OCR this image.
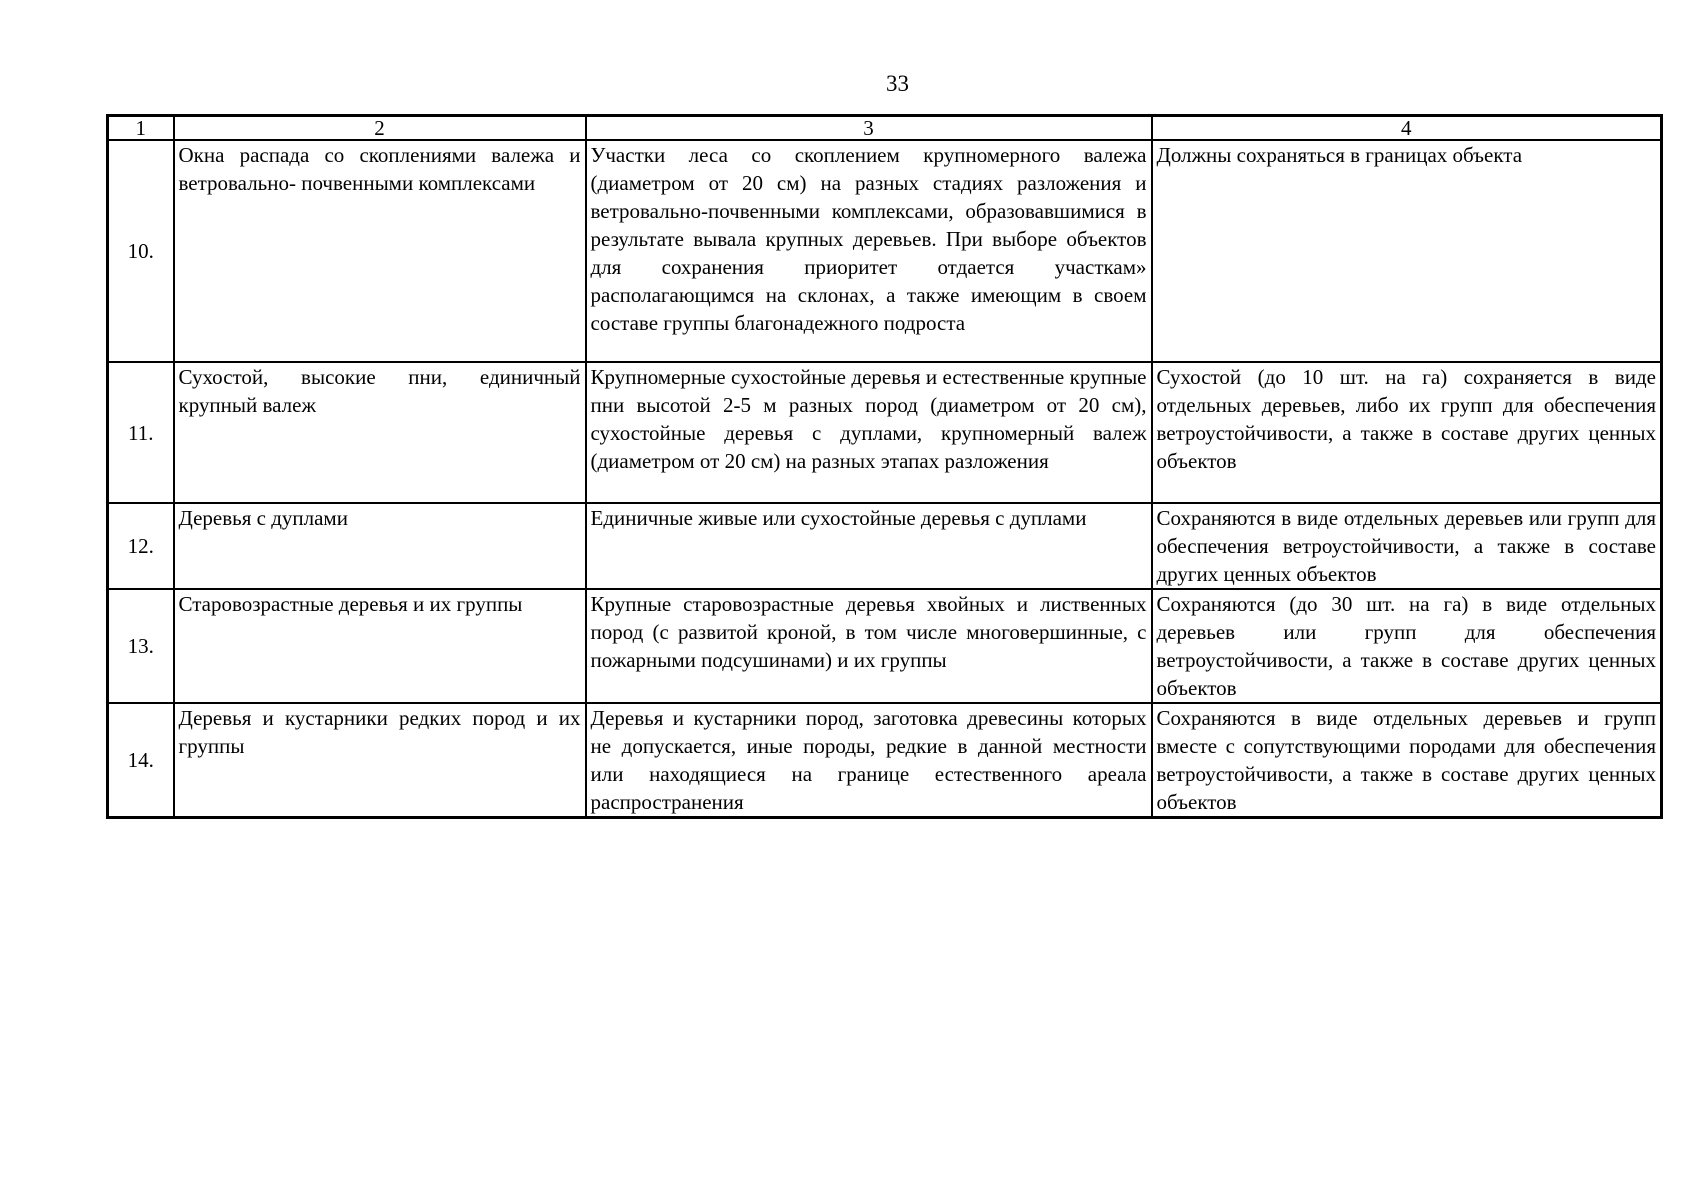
33
1	2	3	4
10.	Окна распада со скоплениями валежа и ветровально- почвенными комплексами	Участки леса со скоплением крупномерного валежа (диаметром от 20 см) на разных стадиях разложения и ветровально-почвенными комплексами, образовавшимися в результате вывала крупных деревьев. При выборе объектов для сохранения приоритет отдается участкам» располагающимся на склонах, а также имеющим в своем составе группы благонадежного подроста	Должны сохраняться в границах объекта
11.	Сухостой, высокие пни, единичный крупный валеж	Крупномерные сухостойные деревья и естественные крупные пни высотой 2-5 м разных пород (диаметром от 20 см), сухостойные деревья с дуплами, крупномерный валеж (диаметром от 20 см) на разных этапах разложения	Сухостой (до 10 шт. на га) сохраняется в виде отдельных деревьев, либо их групп для обеспечения ветроустойчивости, а также в составе других ценных объектов
12.	Деревья с дуплами	Единичные живые или сухостойные деревья с дуплами	Сохраняются в виде отдельных деревьев или групп для обеспечения ветроустойчивости, а также в составе других ценных объектов
13.	Старовозрастные деревья и их группы	Крупные старовозрастные деревья хвойных и лиственных пород (с развитой кроной, в том числе многовершинные, с пожарными подсушинами) и их группы	Сохраняются (до 30 шт. на га) в виде отдельных деревьев или групп для обеспечения ветроустойчивости, а также в составе других ценных объектов
14.	Деревья и кустарники редких пород и их группы	Деревья и кустарники пород, заготовка древесины которых не допускается, иные породы, редкие в данной местности или находящиеся на границе естественного ареала распространения	Сохраняются в виде отдельных деревьев и групп вместе с сопутствующими породами для обеспечения ветроустойчивости, а также в составе других ценных объектов
